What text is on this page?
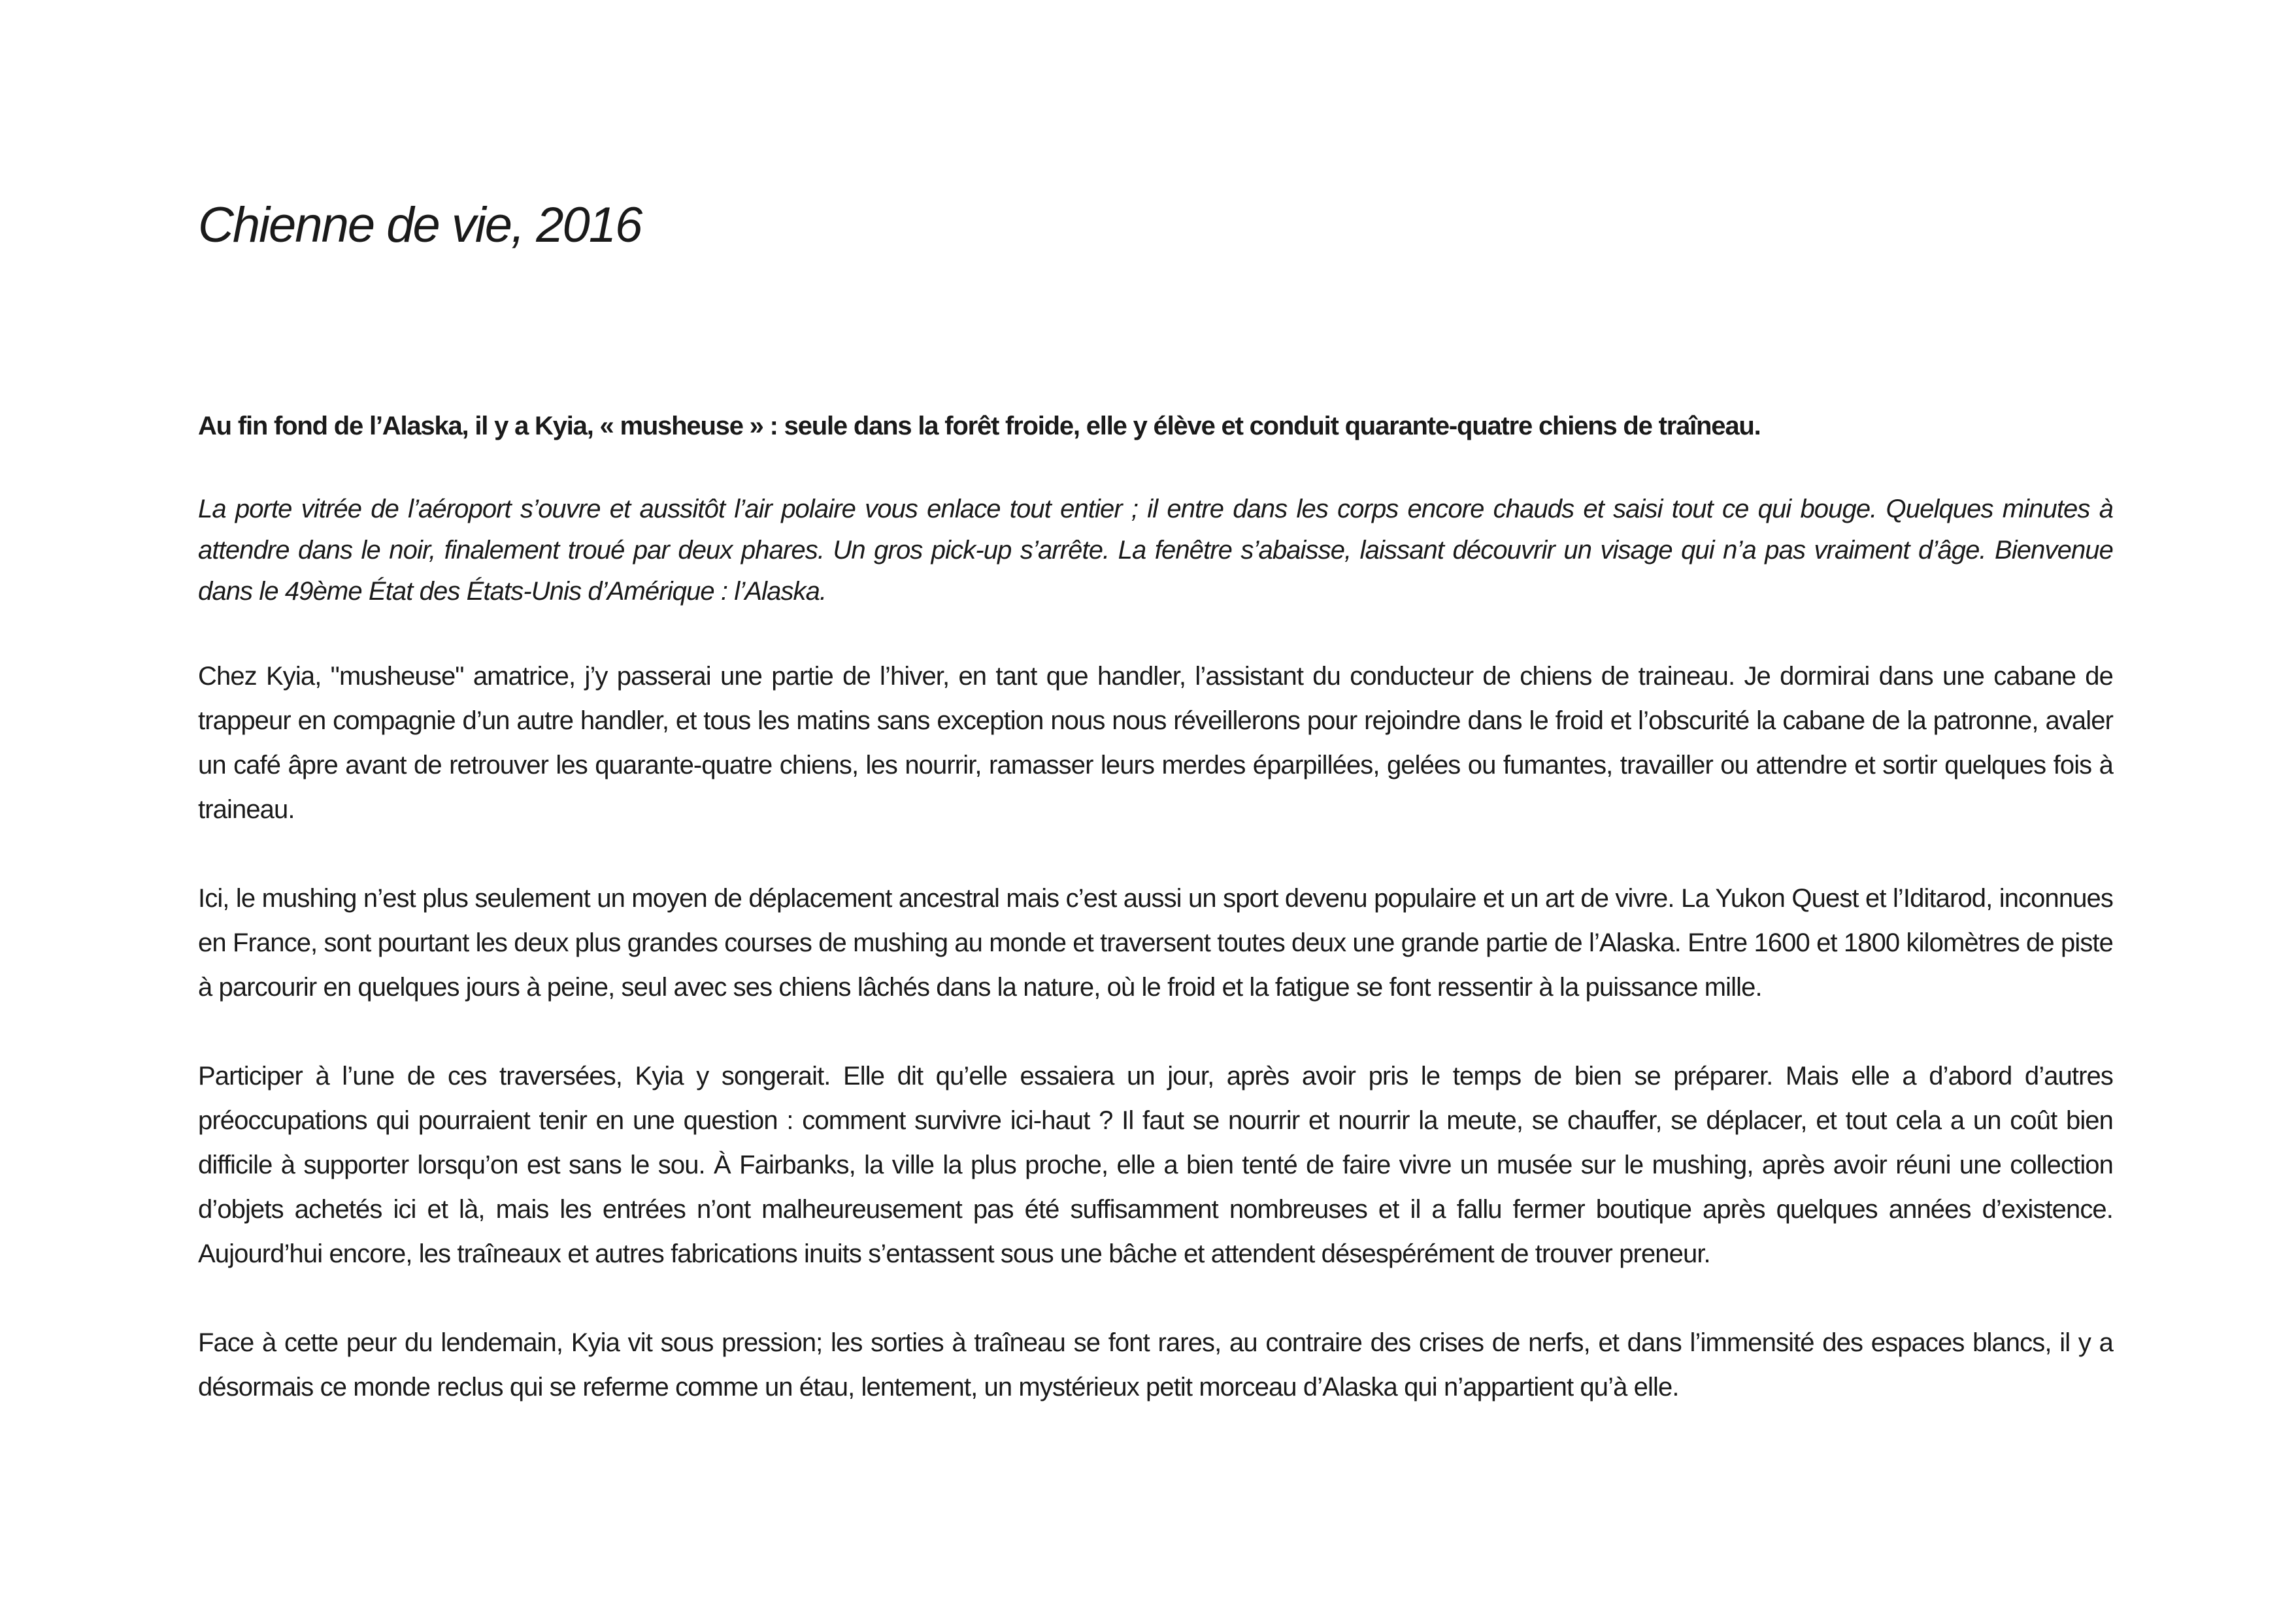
Chienne de vie, 2016

Au fin fond de l’Alaska, il y a Kyia, « musheuse » : seule dans la forêt froide, elle y élève et conduit quarante-quatre chiens de traîneau.

La porte vitrée de l’aéroport s’ouvre et aussitôt l’air polaire vous enlace tout entier ; il entre dans les corps encore chauds et saisi tout ce qui bouge. Quelques minutes à attendre dans le noir, finalement troué par deux phares. Un gros pick-up s’arrête. La fenêtre s’abaisse, laissant découvrir un visage qui n’a pas vraiment d’âge. Bienvenue dans le 49ème État des États-Unis d’Amérique : l’Alaska.

Chez Kyia, "musheuse" amatrice, j’y passerai une partie de l’hiver, en tant que handler, l’assistant du conducteur de chiens de traineau. Je dormirai dans une cabane de trappeur en compagnie d’un autre handler, et tous les matins sans exception nous nous réveillerons pour rejoindre dans le froid et l’obscurité la cabane de la patronne, avaler un café âpre avant de retrouver les quarante-quatre chiens, les nourrir, ramasser leurs merdes éparpillées, gelées ou fumantes, travailler ou attendre et sortir quelques fois à traineau.

Ici, le mushing n’est plus seulement un moyen de déplacement ancestral mais c’est aussi un sport devenu populaire et un art de vivre. La Yukon Quest et l’Iditarod, inconnues en France, sont pourtant les deux plus grandes courses de mushing au monde et traversent toutes deux une grande partie de l’Alaska. Entre 1600 et 1800 kilomètres de piste à parcourir en quelques jours à peine, seul avec ses chiens lâchés dans la nature, où le froid et la fatigue se font ressentir à la puissance mille.

Participer à l’une de ces traversées, Kyia y songerait. Elle dit qu’elle essaiera un jour, après avoir pris le temps de bien se préparer. Mais elle a d’abord d’autres préoccupations qui pourraient tenir en une question : comment survivre ici-haut ? Il faut se nourrir et nourrir la meute, se chauffer, se déplacer, et tout cela a un coût bien difficile à supporter lorsqu’on est sans le sou. À Fairbanks, la ville la plus proche, elle a bien tenté de faire vivre un musée sur le mushing, après avoir réuni une collection d’objets achetés ici et là, mais les entrées n’ont malheureusement pas été suffisamment nombreuses et il a fallu fermer boutique après quelques années d’existence. Aujourd’hui encore, les traîneaux et autres fabrications inuits s’entassent sous une bâche et attendent désespérément de trouver preneur.

Face à cette peur du lendemain, Kyia vit sous pression; les sorties à traîneau se font rares, au contraire des crises de nerfs, et dans l’immensité des espaces blancs, il y a désormais ce monde reclus qui se referme comme un étau, lentement, un mystérieux petit morceau d’Alaska qui n’appartient qu’à elle.
